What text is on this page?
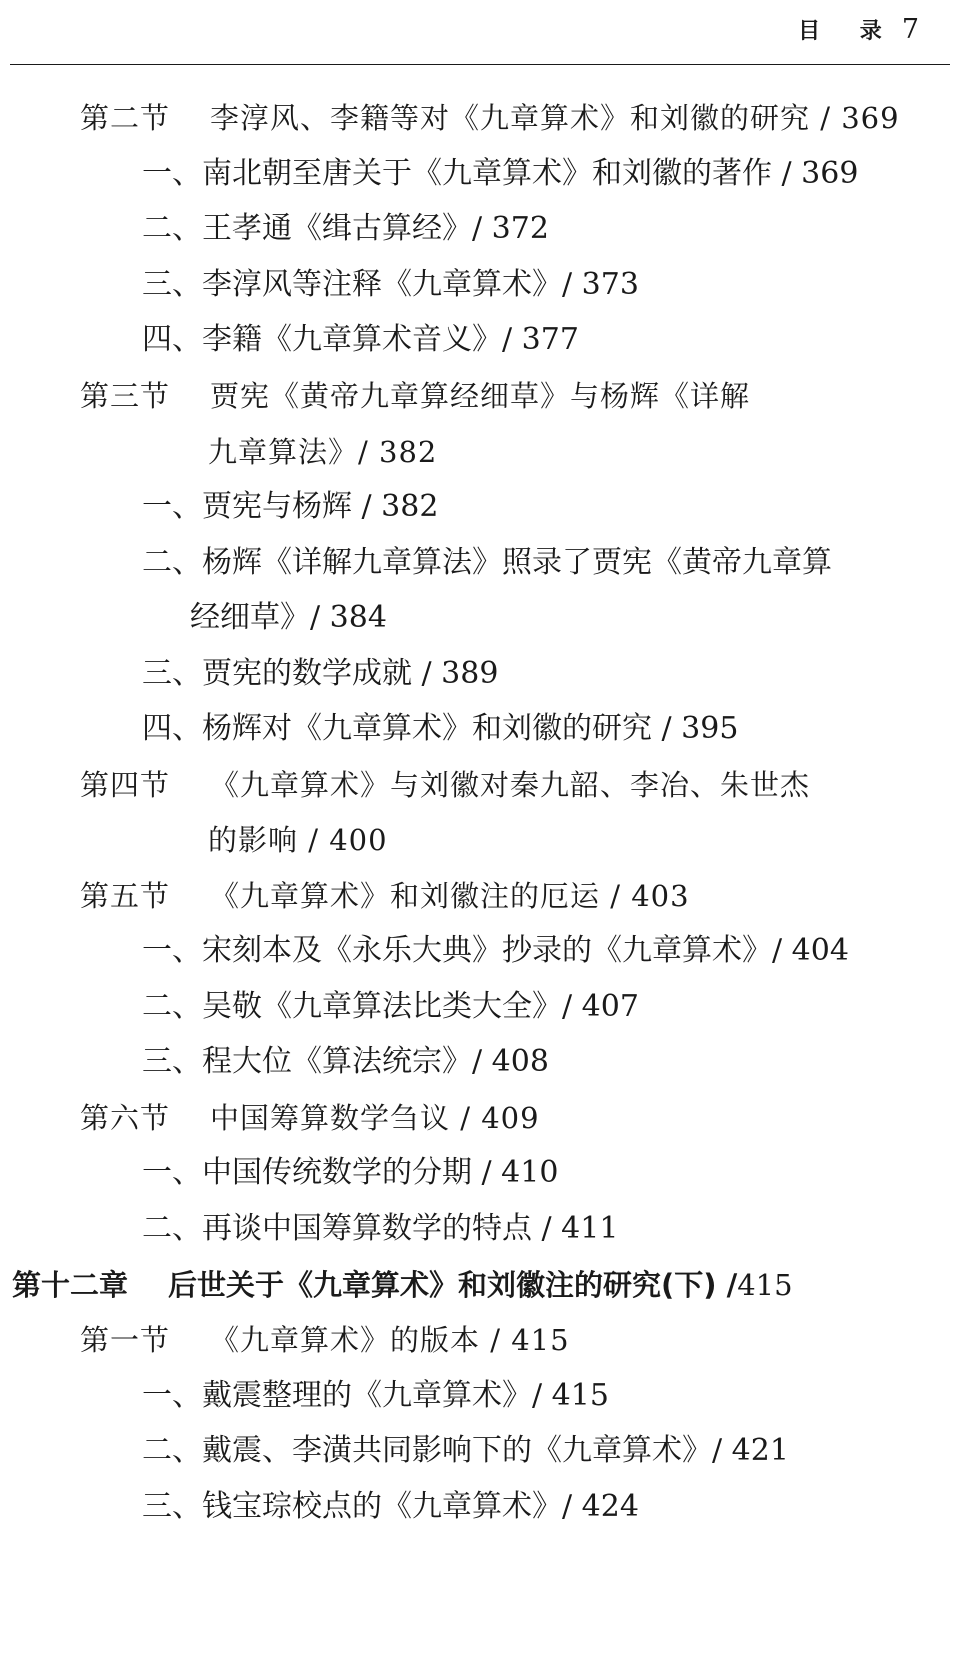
目 录 7
第二节 李淳风、李籍等对《九章算术》和刘徽的研究 / 369
一、南北朝至唐关于《九章算术》和刘徽的著作 / 369
二、王孝通《缉古算经》/ 372
三、李淳风等注释《九章算术》/ 373
四、李籍《九章算术音义》/ 377
第三节 贾宪《黄帝九章算经细草》与杨辉《详解
九章算法》/ 382
一、贾宪与杨辉 / 382
二、杨辉《详解九章算法》照录了贾宪《黄帝九章算
经细草》/ 384
三、贾宪的数学成就 / 389
四、杨辉对《九章算术》和刘徽的研究 / 395
第四节 《九章算术》与刘徽对秦九韶、李冶、朱世杰
的影响 / 400
第五节 《九章算术》和刘徽注的厄运 / 403
一、宋刻本及《永乐大典》抄录的《九章算术》/ 404
二、吴敬《九章算法比类大全》/ 407
三、程大位《算法统宗》/ 408
第六节 中国筹算数学刍议 / 409
一、中国传统数学的分期 / 410
二、再谈中国筹算数学的特点 / 411
第十二章 后世关于《九章算术》和刘徽注的研究(下) /415
第一节 《九章算术》的版本 / 415
一、戴震整理的《九章算术》/ 415
二、戴震、李潢共同影响下的《九章算术》/ 421
三、钱宝琮校点的《九章算术》/ 424
